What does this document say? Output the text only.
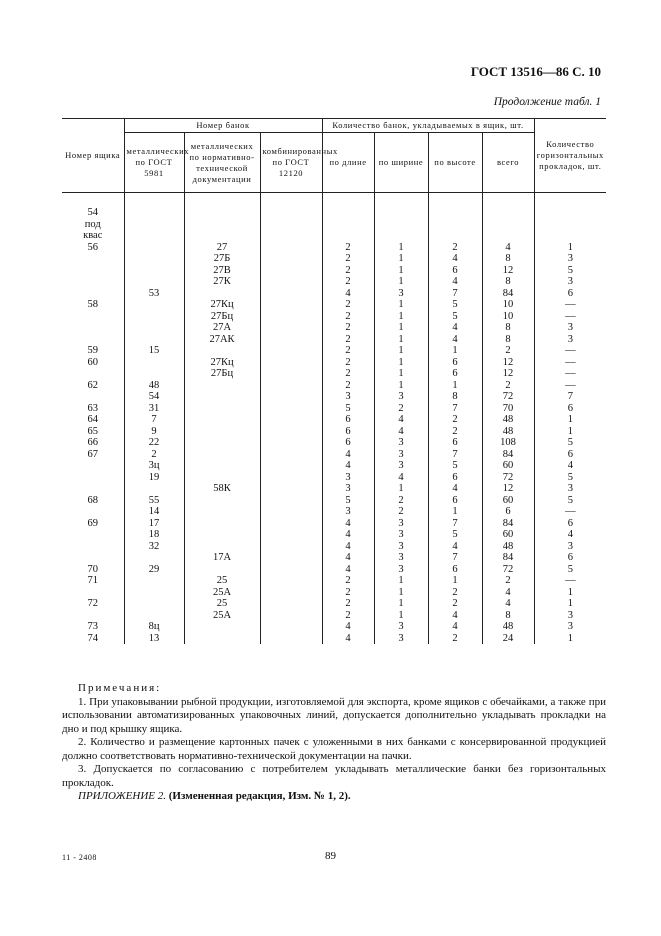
ГОСТ 13516—86 С. 10
Продолжение табл. 1
Номер ящика	Номер банок			Количество банок, укладываемых в ящик, шт.				Количество горизонтальных прокладок, шт.
	металлических по ГОСТ 5981	металлических по нормативно-технической документации	комбинированных по ГОСТ 12120	по длине	по ширине	по высоте	всего	

54								
под								
квас								
56		27		2	1	2	4	1
		27Б		2	1	4	8	3
		27В		2	1	6	12	5
		27К		2	1	4	8	3
	53			4	3	7	84	6
58		27Кц		2	1	5	10	—
		27Бц		2	1	5	10	—
		27А		2	1	4	8	3
		27АК		2	1	4	8	3
59	15			2	1	1	2	—
60		27Кц		2	1	6	12	—
		27Бц		2	1	6	12	—
62	48			2	1	1	2	—
	54			3	3	8	72	7
63	31			5	2	7	70	6
64	7			6	4	2	48	1
65	9			6	4	2	48	1
66	22			6	3	6	108	5
67	2			4	3	7	84	6
	3ц			4	3	5	60	4
	19			3	4	6	72	5
		58К		3	1	4	12	3
68	55			5	2	6	60	5
	14			3	2	1	6	—
69	17			4	3	7	84	6
	18			4	3	5	60	4
	32			4	3	4	48	3
		17А		4	3	7	84	6
70	29			4	3	6	72	5
71		25		2	1	1	2	—
		25А		2	1	2	4	1
72		25		2	1	2	4	1
		25А		2	1	4	8	3
73	8ц			4	3	4	48	3
74	13			4	3	2	24	1

Примечания:

1. При упаковывании рыбной продукции, изготовляемой для экспорта, кроме ящиков с обечайками, а также при использовании автоматизированных упаковочных линий, допускается дополнительно укладывать прокладки на дно и под крышку ящика.

2. Количество и размещение картонных пачек с уложенными в них банками с консервированной продукцией должно соответствовать нормативно-технической документации на пачки.

3. Допускается по согласованию с потребителем укладывать металлические банки без горизонтальных прокладок.

ПРИЛОЖЕНИЕ 2. (Измененная редакция, Изм. № 1, 2).

11 - 2408	89
